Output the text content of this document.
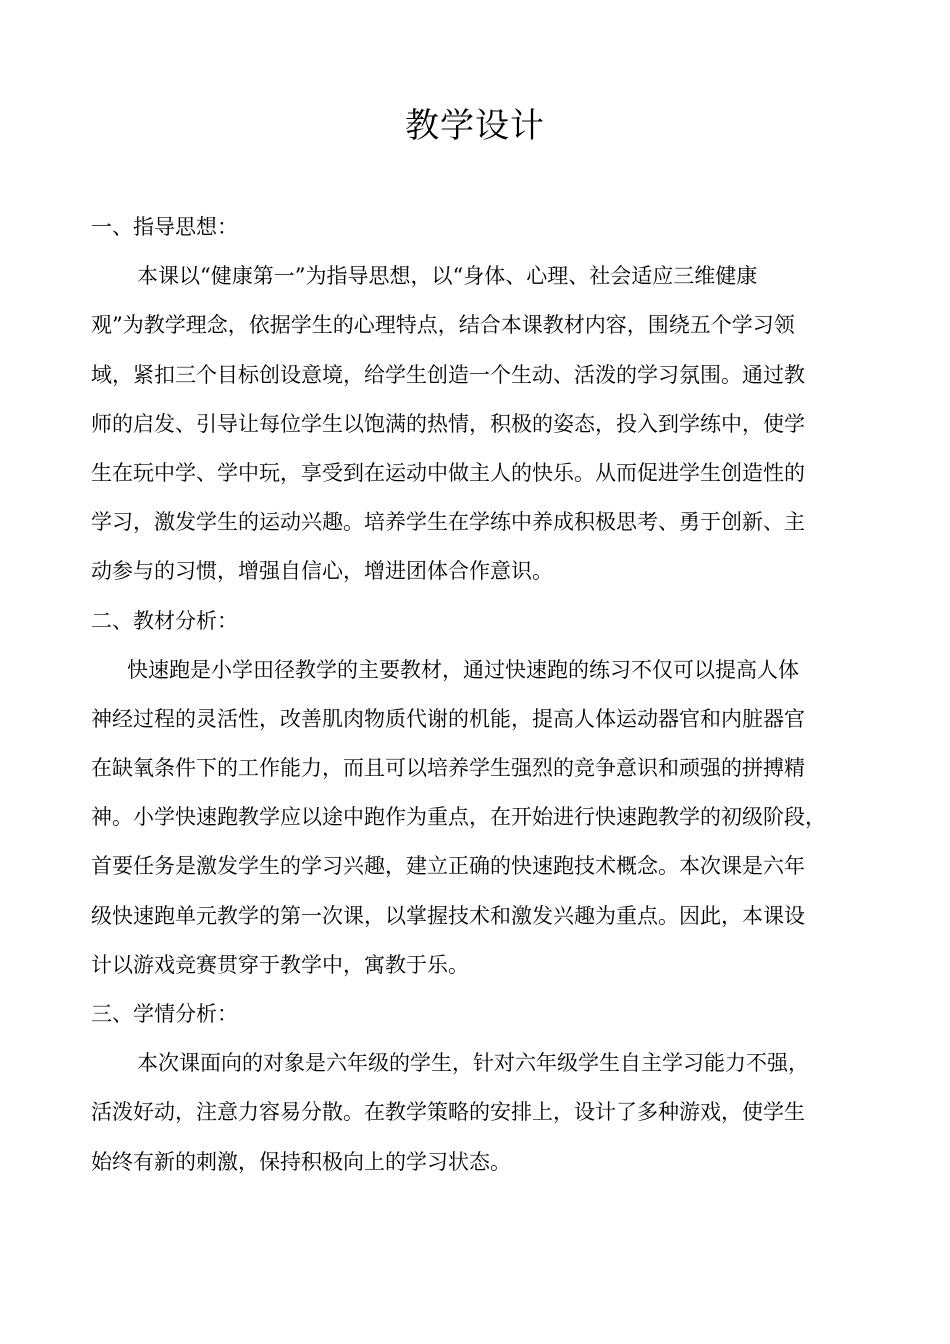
教学设计
一、指导思想：
本课以“健康第一”为指导思想，以“身体、心理、社会适应三维健康
观”为教学理念，依据学生的心理特点，结合本课教材内容，围绕五个学习领
域，紧扣三个目标创设意境，给学生创造一个生动、活泼的学习氛围。通过教
师的启发、引导让每位学生以饱满的热情，积极的姿态，投入到学练中，使学
生在玩中学、学中玩，享受到在运动中做主人的快乐。从而促进学生创造性的
学习，激发学生的运动兴趣。培养学生在学练中养成积极思考、勇于创新、主
动参与的习惯，增强自信心，增进团体合作意识。
二、教材分析：
快速跑是小学田径教学的主要教材，通过快速跑的练习不仅可以提高人体
神经过程的灵活性，改善肌肉物质代谢的机能，提高人体运动器官和内脏器官
在缺氧条件下的工作能力，而且可以培养学生强烈的竞争意识和顽强的拼搏精
神。小学快速跑教学应以途中跑作为重点，在开始进行快速跑教学的初级阶段，
首要任务是激发学生的学习兴趣，建立正确的快速跑技术概念。本次课是六年
级快速跑单元教学的第一次课，以掌握技术和激发兴趣为重点。因此，本课设
计以游戏竞赛贯穿于教学中，寓教于乐。
三、学情分析：
本次课面向的对象是六年级的学生，针对六年级学生自主学习能力不强，
活泼好动，注意力容易分散。在教学策略的安排上，设计了多种游戏，使学生
始终有新的刺激，保持积极向上的学习状态。
